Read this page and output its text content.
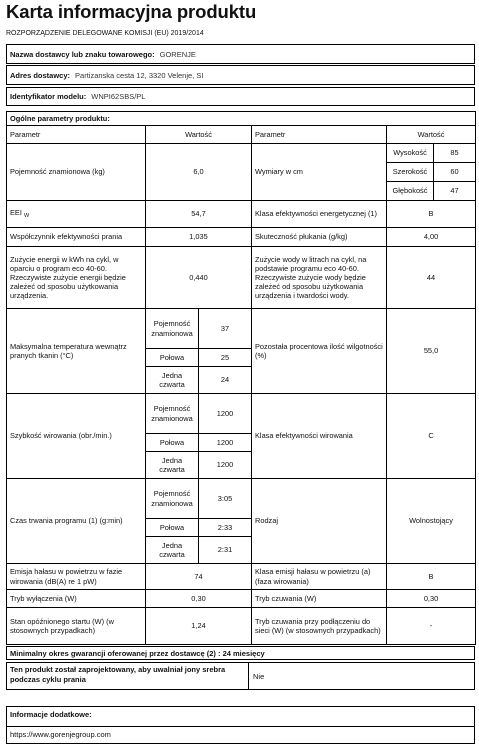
Karta informacyjna produktu
ROZPORZĄDZENIE DELEGOWANE KOMISJI (EU) 2019/2014
Nazwa dostawcy lub znaku towarowego: GORENJE
Adres dostawcy: Partizanska cesta 12, 3320 Velenje, SI
Identyfikator modelu: WNPI62SBS/PL
Ogólne parametry produktu:					
Parametr	Wartość		Parametr	Wartość	
Pojemność znamionowa (kg)	6,0		Wymiary w cm	Wysokość	85
				Szerokość	60
				Głębokość	47
EEI $_W$	54,7		Klasa efektywności energetycznej (1)	B	
Współczynnik efektywności prania	1,035		Skuteczność płukania (g/kg)	4,00	
Zużycie energii w kWh na cykl, w oparciu o program eco 40-60. Rzeczywiste zużycie energii będzie zależeć od sposobu użytkowania urządzenia.	0,440		Zużycie wody w litrach na cykl, na podstawie programu eco 40-60. Rzeczywiste zużycie wody będzie zależeć od sposobu użytkowania urządzenia i twardości wody.	44	
Maksymalna temperatura wewnątrz pranych tkanin (°C)	Pojemność znamionowa	37	Pozostała procentowa ilość wilgotności (%)	55,0	
	Połowa	25			
	Jedna czwarta	24			
Szybkość wirowania (obr./min.)	Pojemność znamionowa	1200	Klasa efektywności wirowania	C	
	Połowa	1200			
	Jedna czwarta	1200			
Czas trwania programu (1) (g:min)	Pojemność znamionowa	3:05	Rodzaj	Wolnostojący	
	Połowa	2:33			
	Jedna czwarta	2:31			
Emisja hałasu w powietrzu w fazie wirowania (dB(A) re 1 pW)	74		Klasa emisji hałasu w powietrzu (a) (faza wirowania)	B	
Tryb wyłączenia (W)	0,30		Tryb czuwania (W)	0,30	
Stan opóźnionego startu (W) (w stosownych przypadkach)	1,24		Tryb czuwania przy podłączeniu do sieci (W) (w stosownych przypadkach)	-	
Minimalny okres gwarancji oferowanej przez dostawcę (2) : 24 miesięcy
Ten produkt został zaprojektowany, aby uwalniał jony srebra podczas cyklu prania	Nie
Informacje dodatkowe:
https://www.gorenjegroup.com
